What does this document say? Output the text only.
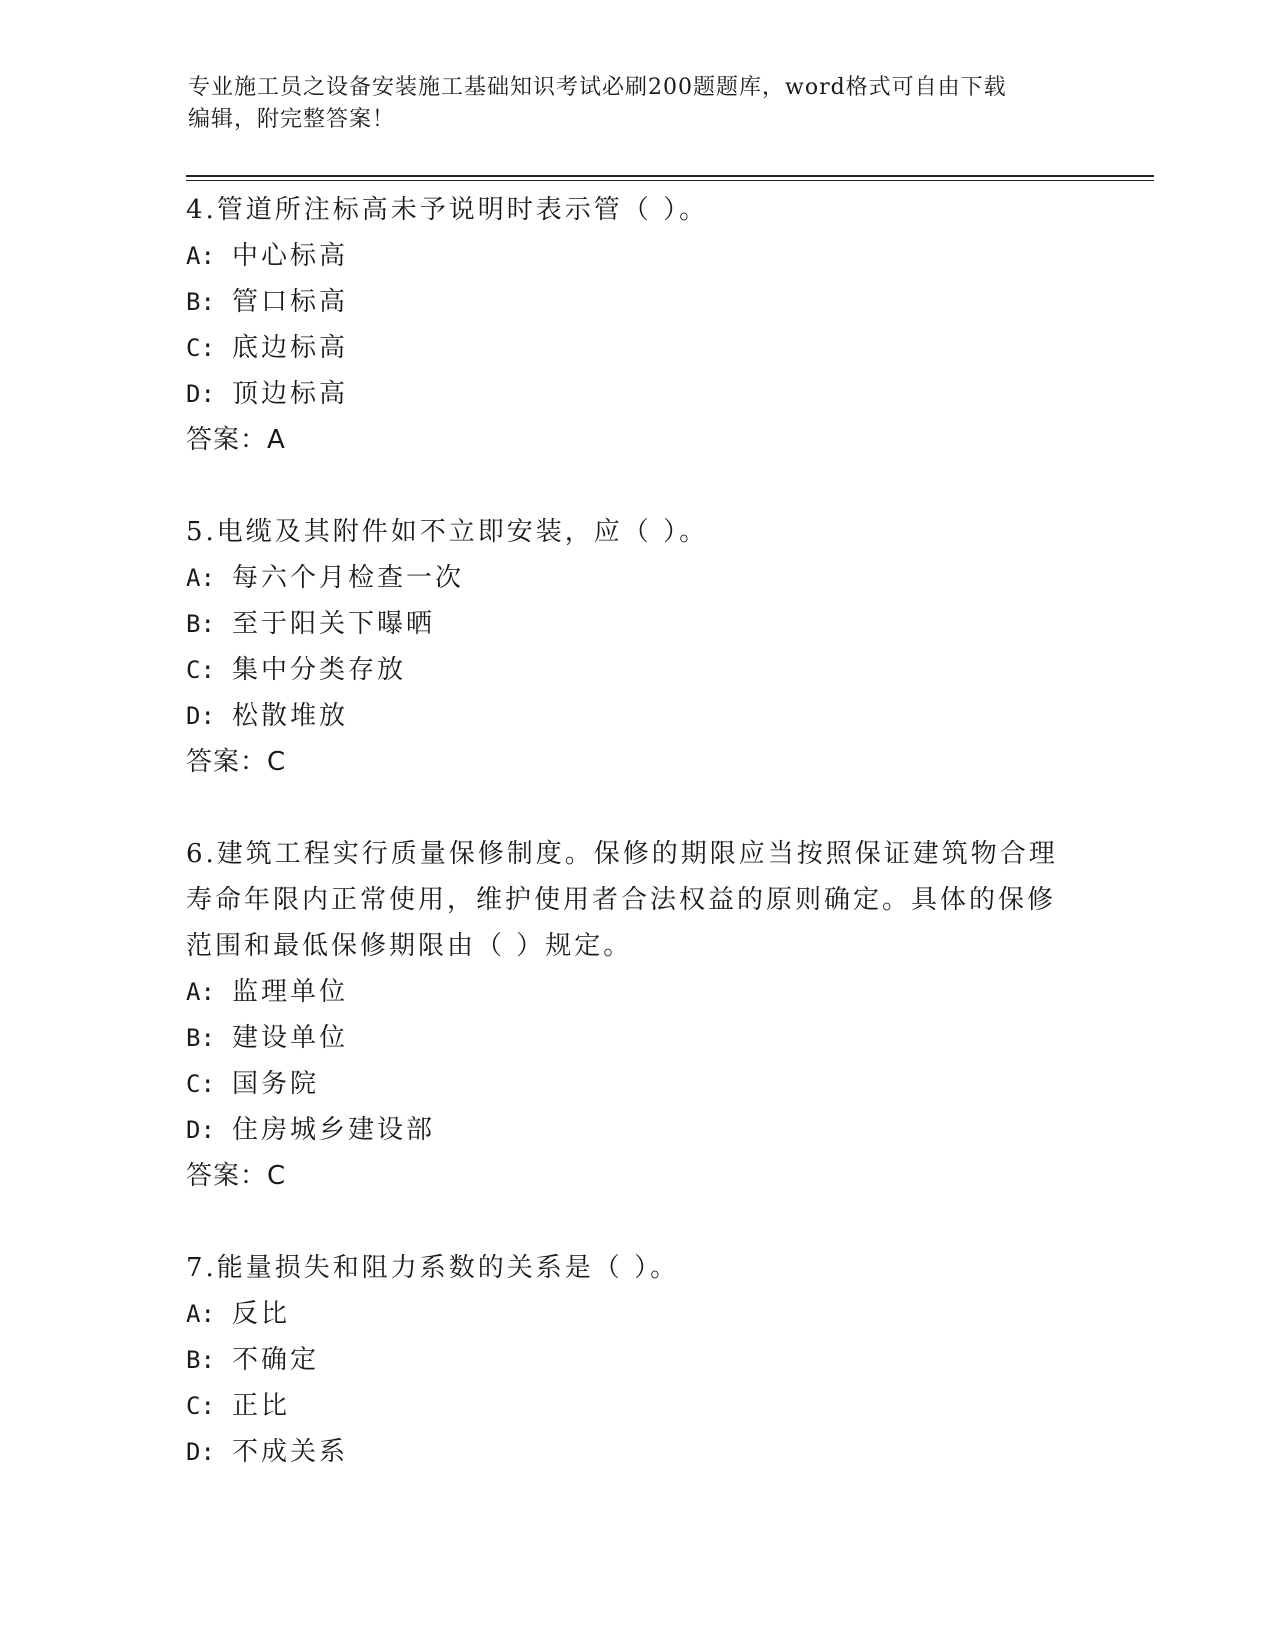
专业施工员之设备安装施工基础知识考试必刷200题题库，word格式可自由下载
编辑，附完整答案！

4.管道所注标高未予说明时表示管（ ）。

A: 中心标高

B: 管口标高

C: 底边标高

D: 顶边标高

答案：A

5.电缆及其附件如不立即安装，应（ ）。

A: 每六个月检查一次

B: 至于阳关下曝晒

C: 集中分类存放

D: 松散堆放

答案：C

6.建筑工程实行质量保修制度。保修的期限应当按照保证建筑物合理

寿命年限内正常使用，维护使用者合法权益的原则确定。具体的保修

范围和最低保修期限由（ ）规定。

A: 监理单位

B: 建设单位

C: 国务院

D: 住房城乡建设部

答案：C

7.能量损失和阻力系数的关系是（ ）。

A: 反比

B: 不确定

C: 正比

D: 不成关系
